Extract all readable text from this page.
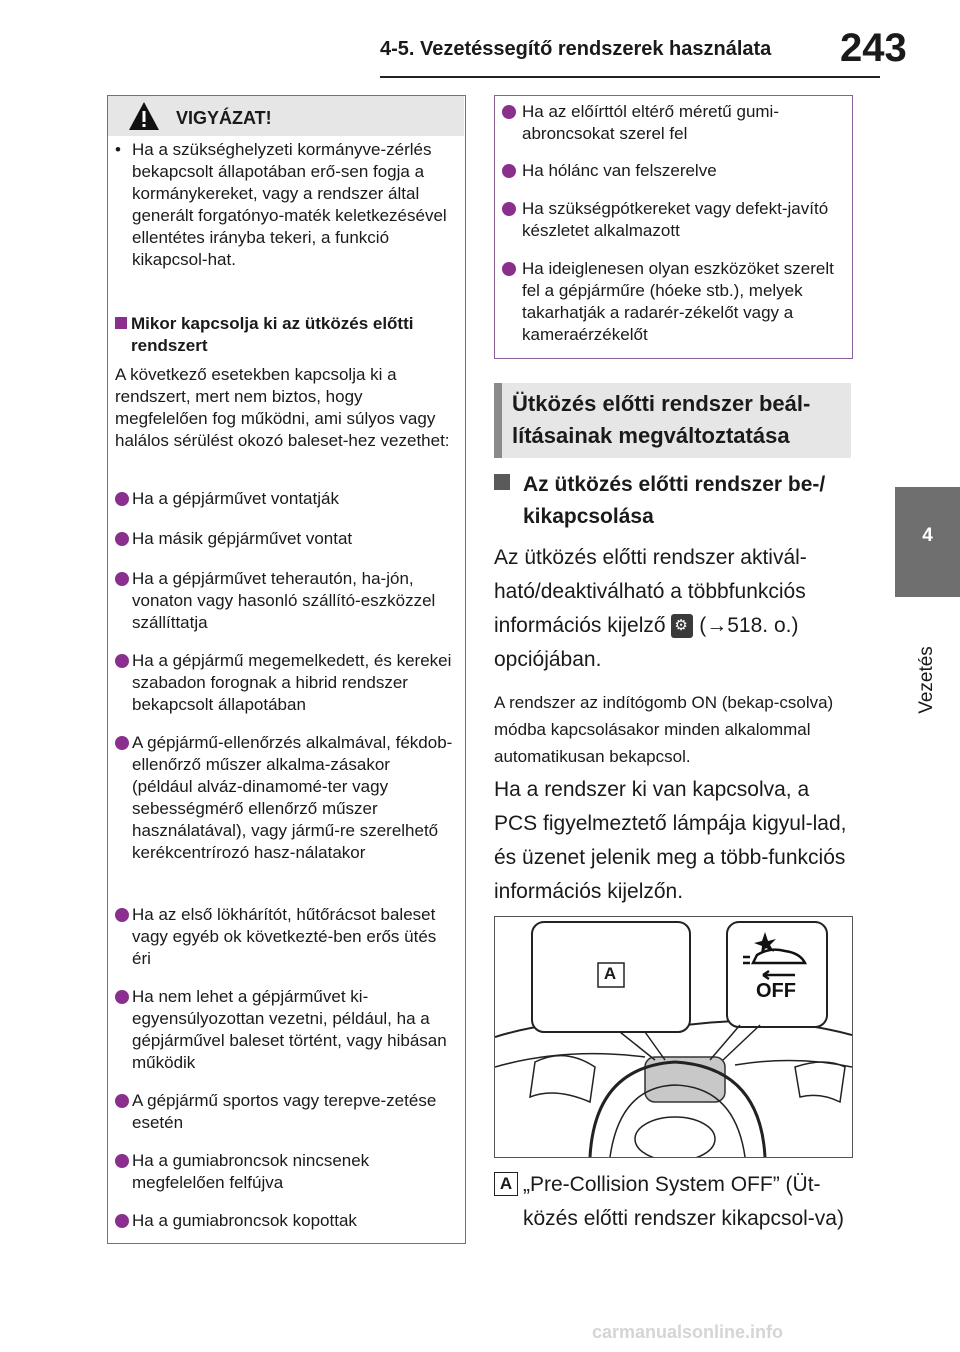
4-5. Vezetéssegítő rendszerek használata 243
4
Vezetés
VIGYÁZAT!
• Ha a szükséghelyzeti kormányve-zérlés bekapcsolt állapotában erő-sen fogja a kormánykereket, vagy a rendszer által generált forgatónyo-maték keletkezésével ellentétes irányba tekeri, a funkció kikapcsol-hat.
Mikor kapcsolja ki az ütközés előtti rendszert
A következő esetekben kapcsolja ki a rendszert, mert nem biztos, hogy megfelelően fog működni, ami súlyos vagy halálos sérülést okozó baleset-hez vezethet:
Ha a gépjárművet vontatják
Ha másik gépjárművet vontat
Ha a gépjárművet teherautón, ha-jón, vonaton vagy hasonló szállító-eszközzel szállíttatja
Ha a gépjármű megemelkedett, és kerekei szabadon forognak a hibrid rendszer bekapcsolt állapotában
A gépjármű-ellenőrzés alkalmával, fékdob-ellenőrző műszer alkalma-zásakor (például alváz-dinamomé-ter vagy sebességmérő ellenőrző műszer használatával), vagy jármű-re szerelhető kerékcentrírozó hasz-nálatakor
Ha az első lökhárítót, hűtőrácsot baleset vagy egyéb ok következté-ben erős ütés éri
Ha nem lehet a gépjárművet ki-egyensúlyozottan vezetni, például, ha a gépjárművel baleset történt, vagy hibásan működik
A gépjármű sportos vagy terepve-zetése esetén
Ha a gumiabroncsok nincsenek megfelelően felfújva
Ha a gumiabroncsok kopottak
Ha az előírttól eltérő méretű gumi-abroncsokat szerel fel
Ha hólánc van felszerelve
Ha szükségpótkereket vagy defekt-javító készletet alkalmazott
Ha ideiglenesen olyan eszközöket szerelt fel a gépjárműre (hóeke stb.), melyek takarhatják a radarér-zékelőt vagy a kameraérzékelőt
Ütközés előtti rendszer beál-lításainak megváltoztatása
Az ütközés előtti rendszer be-/ kikapcsolása
Az ütközés előtti rendszer aktivál-ható/deaktiválható a többfunkciós információs kijelző ⚙ (→518. o.) opciójában.
A rendszer az indítógomb ON (bekap-csolva) módba kapcsolásakor minden alkalommal automatikusan bekapcsol.
Ha a rendszer ki van kapcsolva, a PCS figyelmeztető lámpája kigyul-lad, és üzenet jelenik meg a több-funkciós információs kijelzőn.
A
OFF
A „Pre-Collision System OFF” (Üt-közés előtti rendszer kikapcsol-va)
carmanualsonline.info
